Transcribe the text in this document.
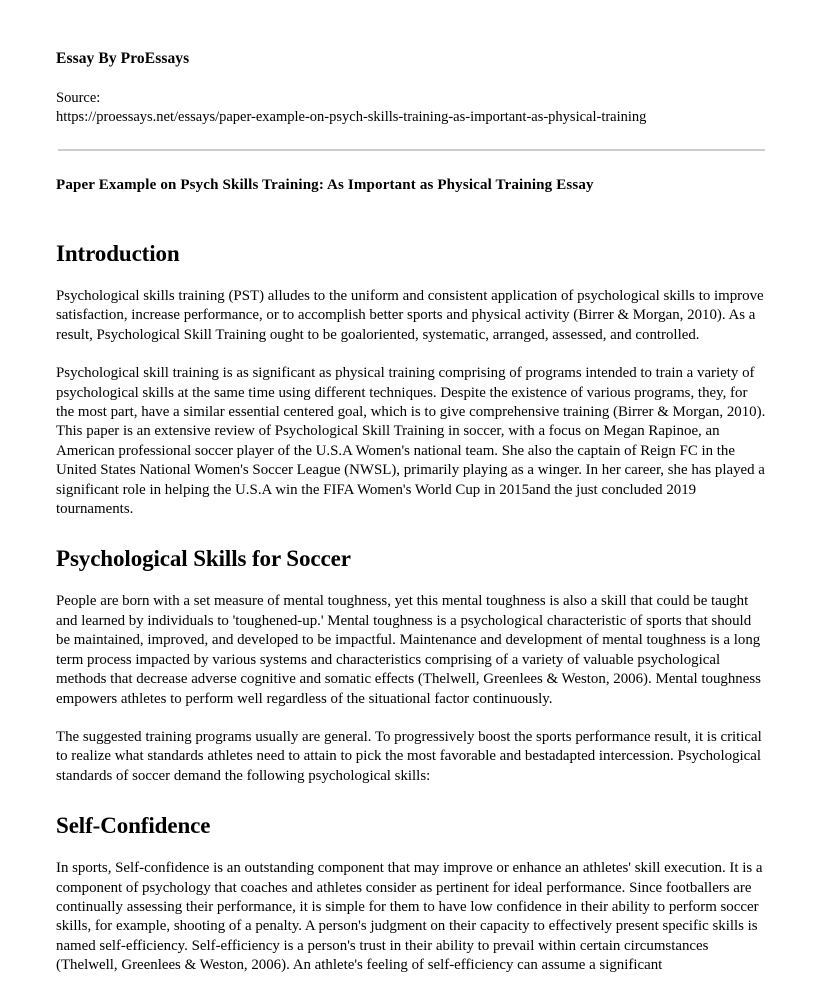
Essay By ProEssays
Source:
https://proessays.net/essays/paper-example-on-psych-skills-training-as-important-as-physical-training
Paper Example on Psych Skills Training: As Important as Physical Training Essay
Introduction

Psychological skills training (PST) alludes to the uniform and consistent application of psychological skills to improve satisfaction, increase performance, or to accomplish better sports and physical activity (Birrer & Morgan, 2010). As a result, Psychological Skill Training ought to be goaloriented, systematic, arranged, assessed, and controlled.

Psychological skill training is as significant as physical training comprising of programs intended to train a variety of psychological skills at the same time using different techniques. Despite the existence of various programs, they, for the most part, have a similar essential centered goal, which is to give comprehensive training (Birrer & Morgan, 2010). This paper is an extensive review of Psychological Skill Training in soccer, with a focus on Megan Rapinoe, an American professional soccer player of the U.S.A Women's national team. She also the captain of Reign FC in the United States National Women's Soccer League (NWSL), primarily playing as a winger. In her career, she has played a significant role in helping the U.S.A win the FIFA Women's World Cup in 2015and the just concluded 2019 tournaments.

Psychological Skills for Soccer

People are born with a set measure of mental toughness, yet this mental toughness is also a skill that could be taught and learned by individuals to 'toughened-up.' Mental toughness is a psychological characteristic of sports that should be maintained, improved, and developed to be impactful. Maintenance and development of mental toughness is a long term process impacted by various systems and characteristics comprising of a variety of valuable psychological methods that decrease adverse cognitive and somatic effects (Thelwell, Greenlees & Weston, 2006). Mental toughness empowers athletes to perform well regardless of the situational factor continuously.

The suggested training programs usually are general. To progressively boost the sports performance result, it is critical to realize what standards athletes need to attain to pick the most favorable and bestadapted intercession. Psychological standards of soccer demand the following psychological skills:

Self-Confidence

In sports, Self-confidence is an outstanding component that may improve or enhance an athletes' skill execution. It is a component of psychology that coaches and athletes consider as pertinent for ideal performance. Since footballers are continually assessing their performance, it is simple for them to have low confidence in their ability to perform soccer skills, for example, shooting of a penalty. A person's judgment on their capacity to effectively present specific skills is named self-efficiency. Self-efficiency is a person's trust in their ability to prevail within certain circumstances (Thelwell, Greenlees & Weston, 2006). An athlete's feeling of self-efficiency can assume a significant
